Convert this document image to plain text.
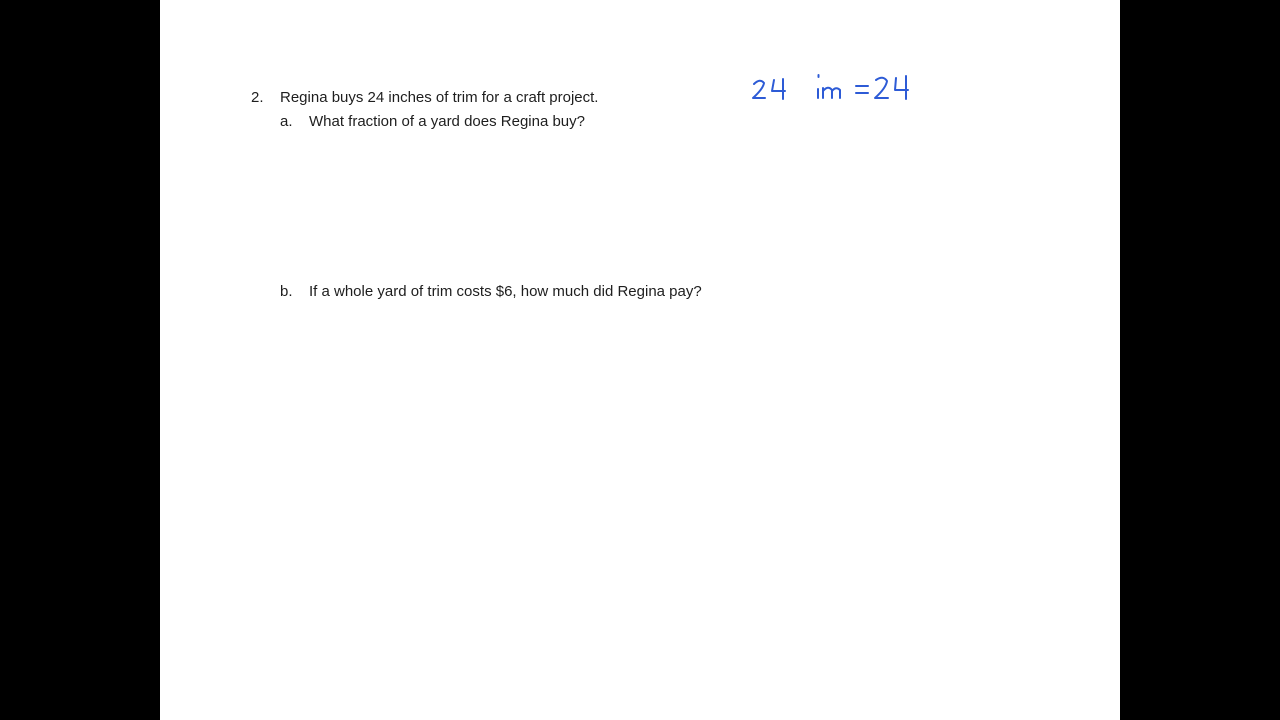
2. Regina buys 24 inches of trim for a craft project.
a. What fraction of a yard does Regina buy?
b. If a whole yard of trim costs $6, how much did Regina pay?
